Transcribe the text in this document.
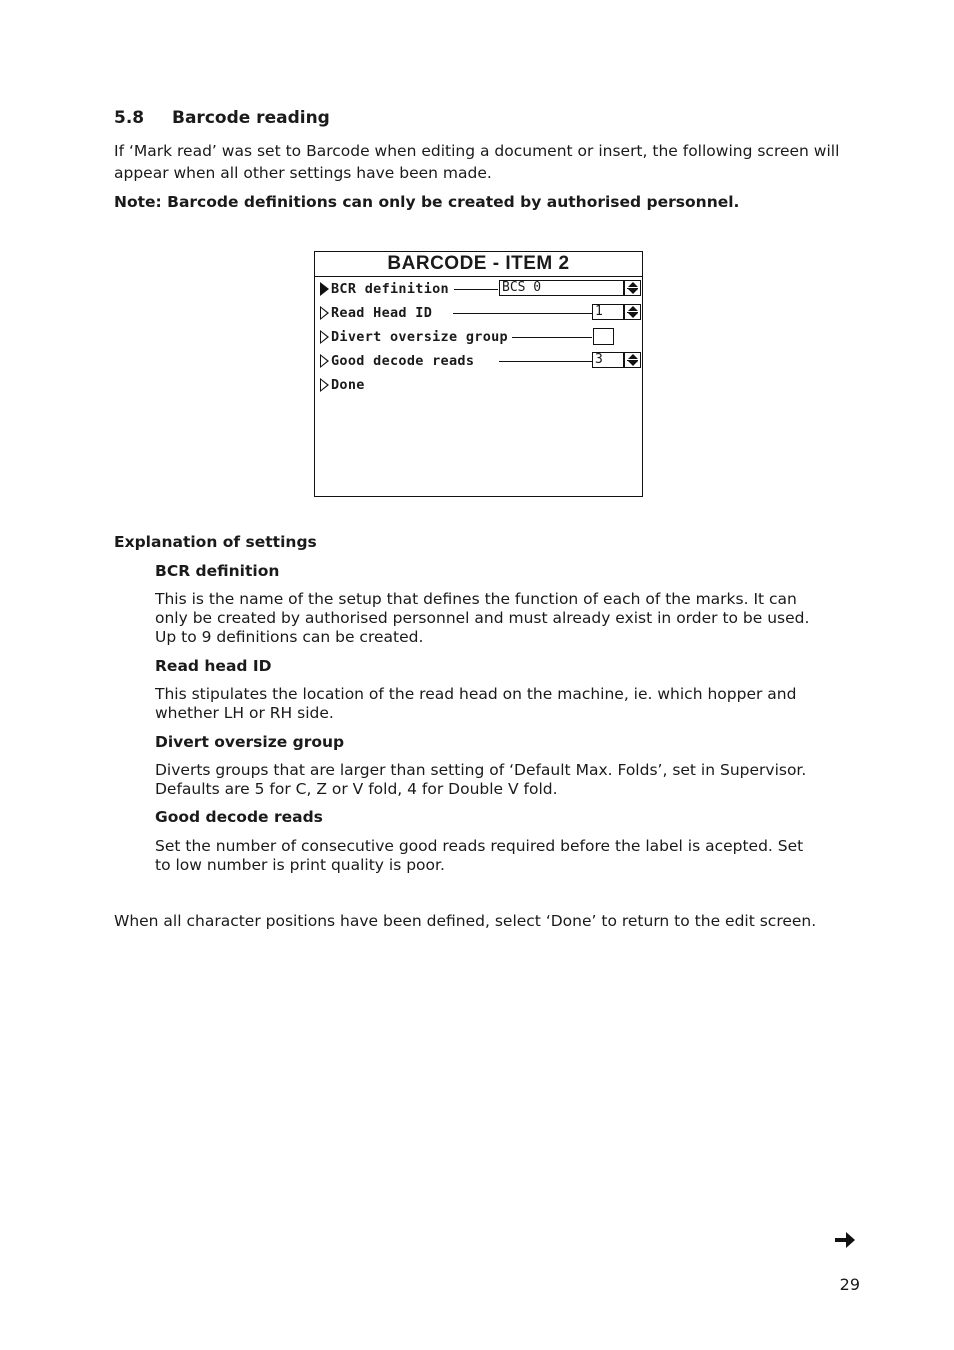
5.8 Barcode reading
If ‘Mark read’ was set to Barcode when editing a document or insert, the following screen will appear when all other settings have been made.
Note: Barcode definitions can only be created by authorised personnel.
BARCODE - ITEM 2
BCR definition	BCS 0
Read Head ID	1
Divert oversize group
Good decode reads	3
Done
Explanation of settings
BCR definition
This is the name of the setup that defines the function of each of the marks. It can only be created by authorised personnel and must already exist in order to be used. Up to 9 definitions can be created.
Read head ID
This stipulates the location of the read head on the machine, ie. which hopper and whether LH or RH side.
Divert oversize group
Diverts groups that are larger than setting of ‘Default Max. Folds’, set in Supervisor. Defaults are 5 for C, Z or V fold, 4 for Double V fold.
Good decode reads
Set the number of consecutive good reads required before the label is acepted. Set to low number is print quality is poor.
When all character positions have been defined, select ‘Done’ to return to the edit screen.
29
